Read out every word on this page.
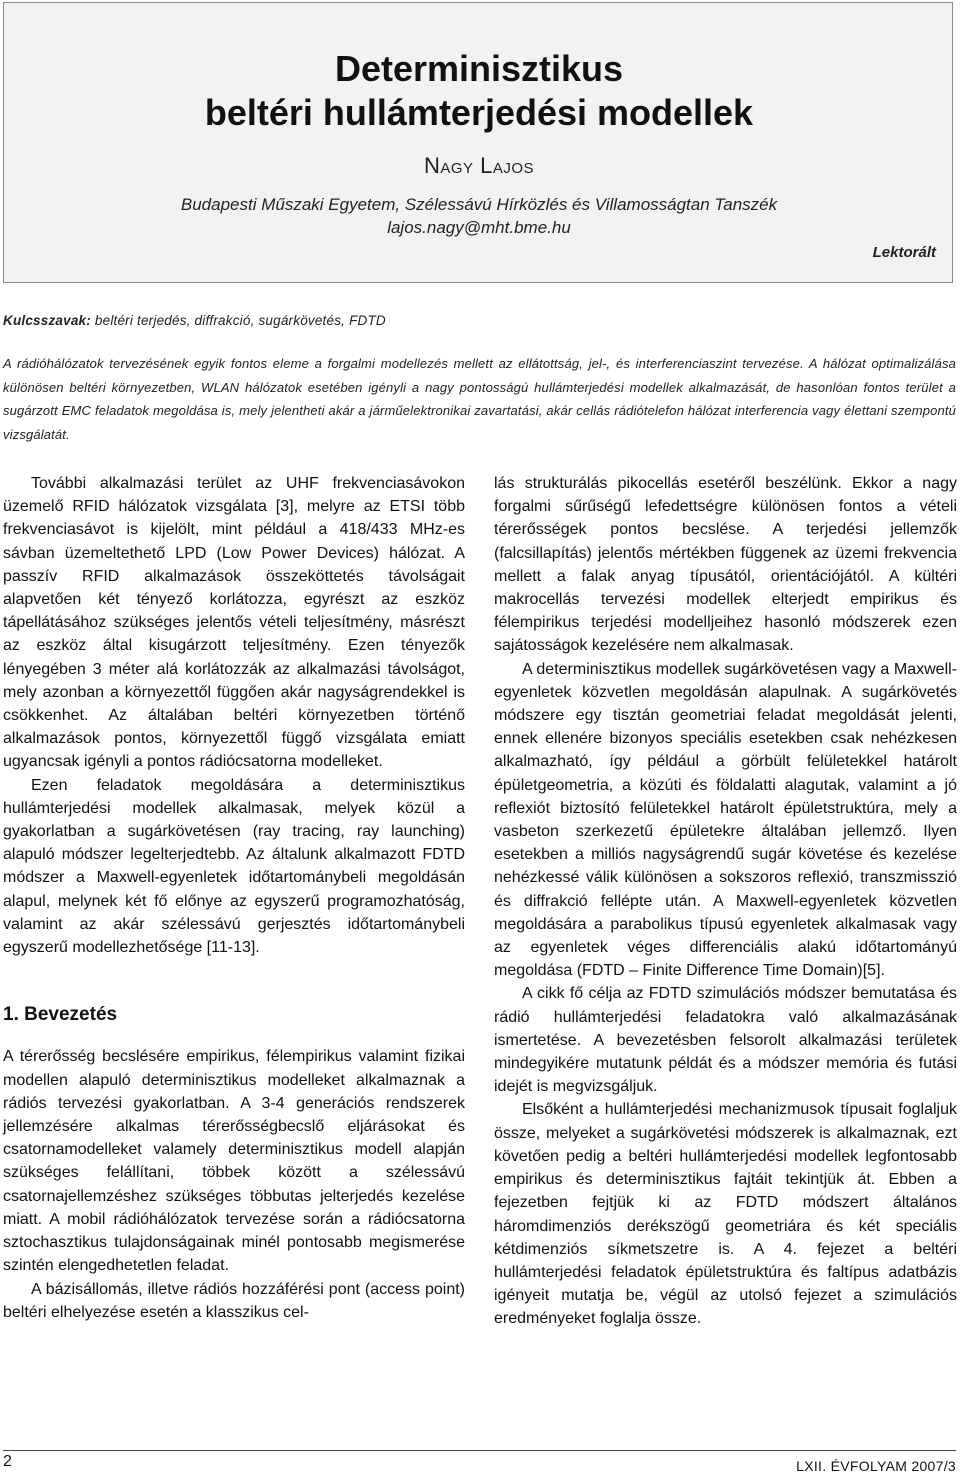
Determinisztikus
beltéri hullámterjedési modellek
Nagy Lajos
Budapesti Műszaki Egyetem, Szélessávú Hírközlés és Villamosságtan Tanszék
lajos.nagy@mht.bme.hu
Lektorált
Kulcsszavak: beltéri terjedés, diffrakció, sugárkövetés, FDTD
A rádióhálózatok tervezésének egyik fontos eleme a forgalmi modellezés mellett az ellátottság, jel-, és interferenciaszint tervezése. A hálózat optimalizálása különösen beltéri környezetben, WLAN hálózatok esetében igényli a nagy pontosságú hullámterjedési modellek alkalmazását, de hasonlóan fontos terület a sugárzott EMC feladatok megoldása is, mely jelentheti akár a járműelektronikai zavartatási, akár cellás rádiótelefon hálózat interferencia vagy élettani szempontú vizsgálatát.

További alkalmazási terület az UHF frekvenciasávokon üzemelő RFID hálózatok vizsgálata [3], melyre az ETSI több frekvenciasávot is kijelölt, mint például a 418/433 MHz-es sávban üzemeltethető LPD (Low Power Devices) hálózat. A passzív RFID alkalmazások összeköttetés távolságait alapvetően két tényező korlátozza, egyrészt az eszköz tápellátásához szükséges jelentős vételi teljesítmény, másrészt az eszköz által kisugárzott teljesítmény. Ezen tényezők lényegében 3 méter alá korlátozzák az alkalmazási távolságot, mely azonban a környezettől függően akár nagyságrendekkel is csökkenhet. Az általában beltéri környezetben történő alkalmazások pontos, környezettől függő vizsgálata emiatt ugyancsak igényli a pontos rádiócsatorna modelleket.

Ezen feladatok megoldására a determinisztikus hullámterjedési modellek alkalmasak, melyek közül a gyakorlatban a sugárkövetésen (ray tracing, ray launching) alapuló módszer legelterjedtebb. Az általunk alkalmazott FDTD módszer a Maxwell-egyenletek időtartománybeli megoldásán alapul, melynek két fő előnye az egyszerű programozhatóság, valamint az akár szélessávú gerjesztés időtartománybeli egyszerű modellezhetősége [11-13].

1. Bevezetés

A térerősség becslésére empirikus, félempirikus valamint fizikai modellen alapuló determinisztikus modelleket alkalmaznak a rádiós tervezési gyakorlatban. A 3-4 generációs rendszerek jellemzésére alkalmas térerősségbecslő eljárásokat és csatornamodelleket valamely determinisztikus modell alapján szükséges felállítani, többek között a szélessávú csatornajellemzéshez szükséges többutas jelterjedés kezelése miatt. A mobil rádióhálózatok tervezése során a rádiócsatorna sztochasztikus tulajdonságainak minél pontosabb megismerése szintén elengedhetetlen feladat.

A bázisállomás, illetve rádiós hozzáférési pont (access point) beltéri elhelyezése esetén a klasszikus cel-

lás strukturálás pikocellás esetéről beszélünk. Ekkor a nagy forgalmi sűrűségű lefedettségre különösen fontos a vételi térerősségek pontos becslése. A terjedési jellemzők (falcsillapítás) jelentős mértékben függenek az üzemi frekvencia mellett a falak anyag típusától, orientációjától. A kültéri makrocellás tervezési modellek elterjedt empirikus és félempirikus terjedési modelljeihez hasonló módszerek ezen sajátosságok kezelésére nem alkalmasak.

A determinisztikus modellek sugárkövetésen vagy a Maxwell-egyenletek közvetlen megoldásán alapulnak. A sugárkövetés módszere egy tisztán geometriai feladat megoldását jelenti, ennek ellenére bizonyos speciális esetekben csak nehézkesen alkalmazható, így például a görbült felületekkel határolt épületgeometria, a közúti és földalatti alagutak, valamint a jó reflexiót biztosító felületekkel határolt épületstruktúra, mely a vasbeton szerkezetű épületekre általában jellemző. Ilyen esetekben a milliós nagyságrendű sugár követése és kezelése nehézkessé válik különösen a sokszoros reflexió, transzmisszió és diffrakció fellépte után. A Maxwell-egyenletek közvetlen megoldására a parabolikus típusú egyenletek alkalmasak vagy az egyenletek véges differenciális alakú időtartományú megoldása (FDTD – Finite Difference Time Domain)[5].

A cikk fő célja az FDTD szimulációs módszer bemutatása és rádió hullámterjedési feladatokra való alkalmazásának ismertetése. A bevezetésben felsorolt alkalmazási területek mindegyikére mutatunk példát és a módszer memória és futási idejét is megvizsgáljuk.

Elsőként a hullámterjedési mechanizmusok típusait foglaljuk össze, melyeket a sugárkövetési módszerek is alkalmaznak, ezt követően pedig a beltéri hullámterjedési modellek legfontosabb empirikus és determinisztikus fajtáit tekintjük át. Ebben a fejezetben fejtjük ki az FDTD módszert általános háromdimenziós derékszögű geometriára és két speciális kétdimenziós síkmetszetre is. A 4. fejezet a beltéri hullámterjedési feladatok épületstruktúra és faltípus adatbázis igényeit mutatja be, végül az utolsó fejezet a szimulációs eredményeket foglalja össze.

2	LXII. ÉVFOLYAM 2007/3
